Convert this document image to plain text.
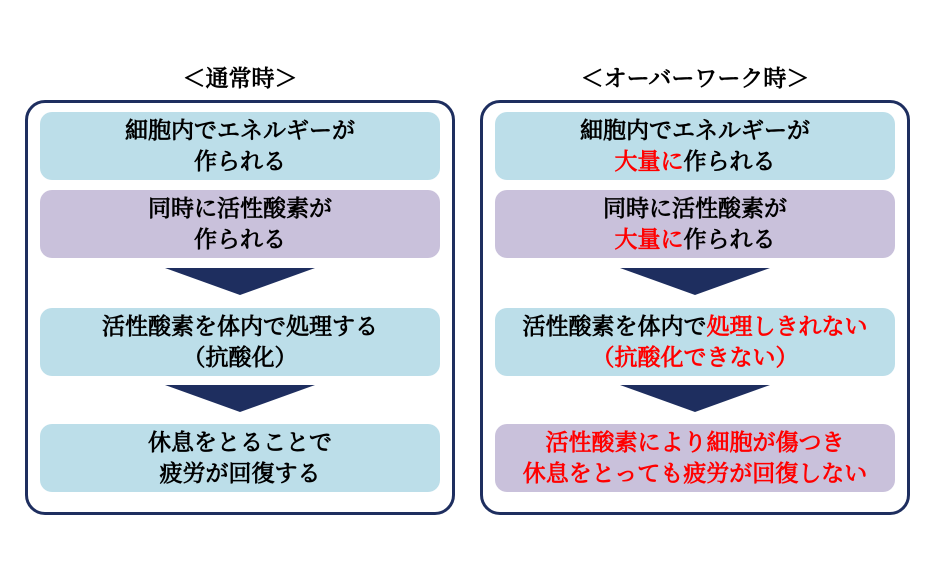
＜通常時＞
細胞内でエネルギーが
作られる
同時に活性酸素が
作られる
活性酸素を体内で処理する
（抗酸化）
休息をとることで
疲労が回復する
＜オーバーワーク時＞
細胞内でエネルギーが
大量に作られる
同時に活性酸素が
大量に作られる
活性酸素を体内で処理しきれない
（抗酸化できない）
活性酸素により細胞が傷つき
休息をとっても疲労が回復しない
